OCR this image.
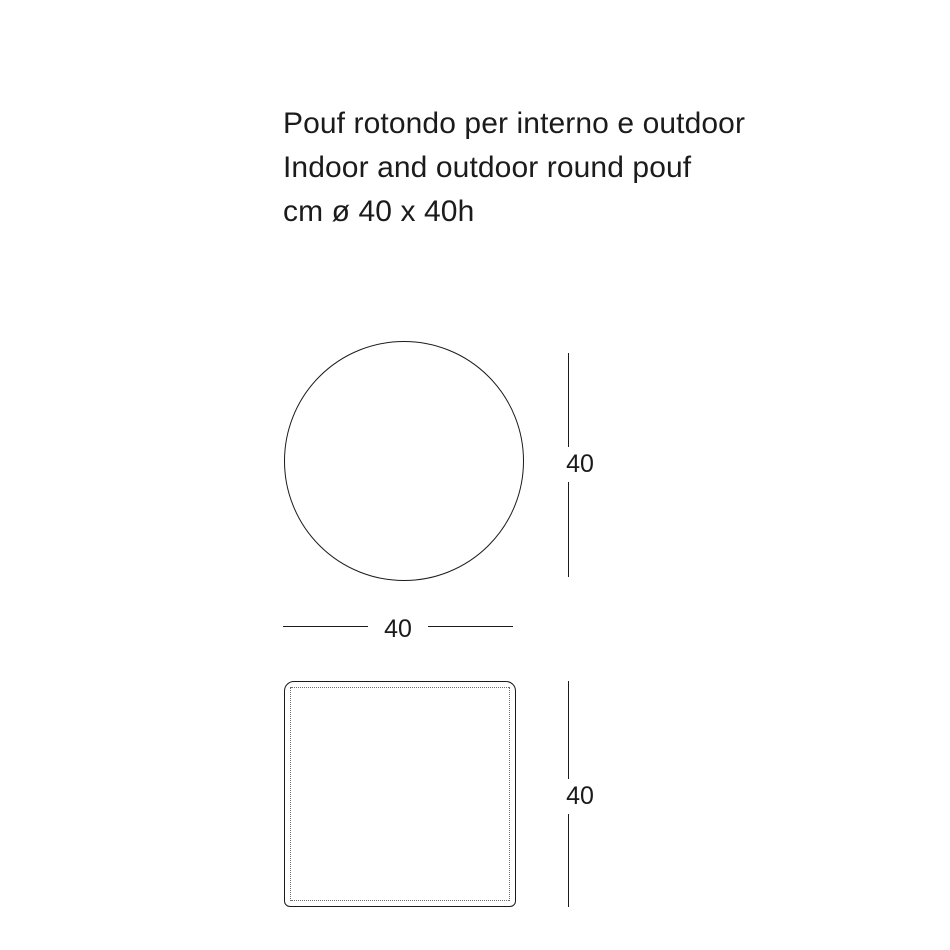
Pouf rotondo per interno e outdoor
Indoor and outdoor round pouf
cm ø 40 x 40h
40
40
40
